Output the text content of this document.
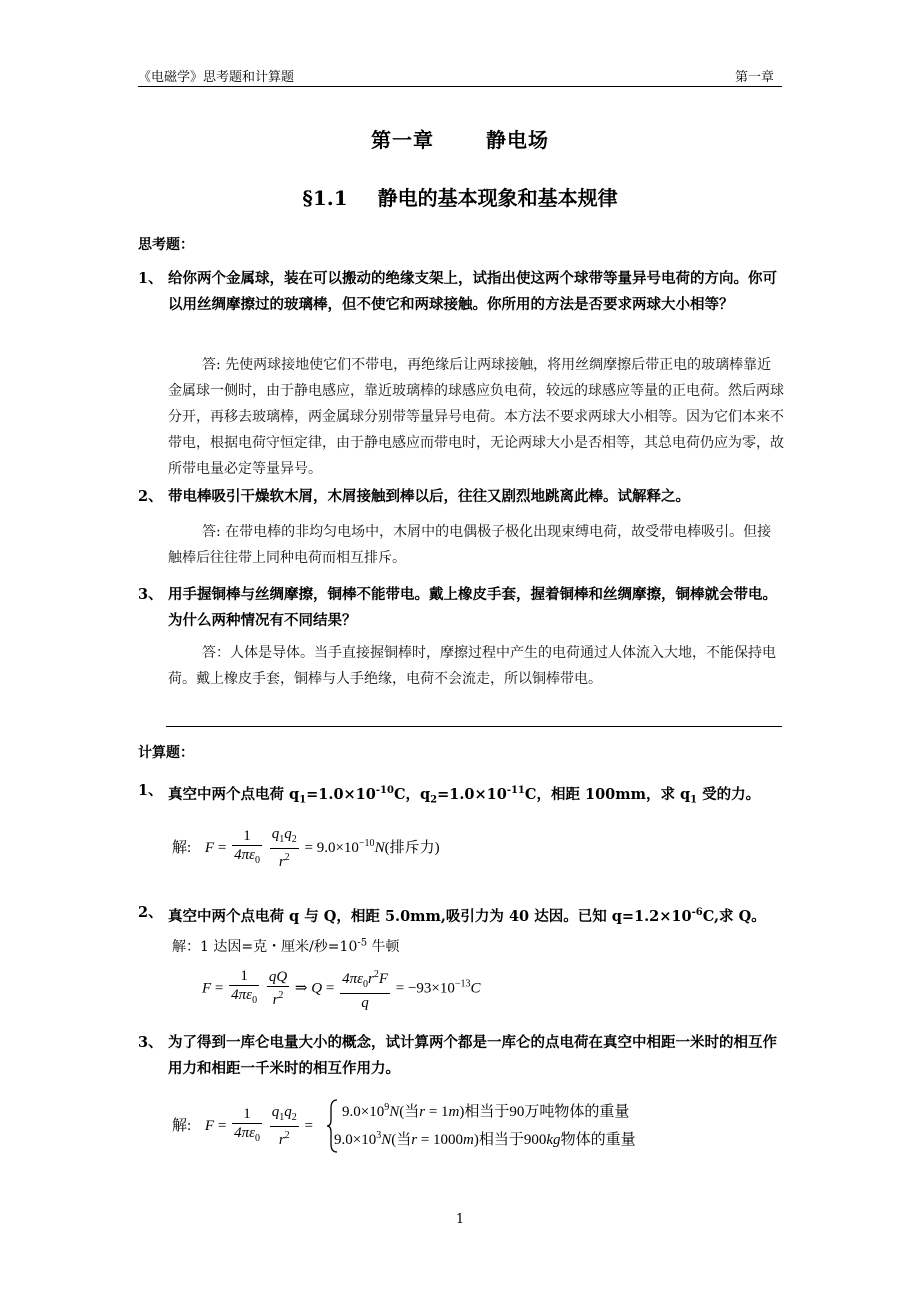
《电磁学》思考题和计算题	第一章
第一章	静电场
§1.1 静电的基本现象和基本规律
思考题：
1、 给你两个金属球，装在可以搬动的绝缘支架上，试指出使这两个球带等量异号电荷的方向。你可以用丝绸摩擦过的玻璃棒，但不使它和两球接触。你所用的方法是否要求两球大小相等？
答: 先使两球接地使它们不带电，再绝缘后让两球接触，将用丝绸摩擦后带正电的玻璃棒靠近金属球一侧时，由于静电感应，靠近玻璃棒的球感应负电荷，较远的球感应等量的正电荷。然后两球分开，再移去玻璃棒，两金属球分别带等量异号电荷。本方法不要求两球大小相等。因为它们本来不带电，根据电荷守恒定律，由于静电感应而带电时，无论两球大小是否相等，其总电荷仍应为零，故所带电量必定等量异号。
2、 带电棒吸引干燥软木屑，木屑接触到棒以后，往往又剧烈地跳离此棒。试解释之。
答: 在带电棒的非均匀电场中，木屑中的电偶极子极化出现束缚电荷，故受带电棒吸引。但接触棒后往往带上同种电荷而相互排斥。
3、 用手握铜棒与丝绸摩擦，铜棒不能带电。戴上橡皮手套，握着铜棒和丝绸摩擦，铜棒就会带电。为什么两种情况有不同结果？
答：人体是导体。当手直接握铜棒时，摩擦过程中产生的电荷通过人体流入大地，不能保持电荷。戴上橡皮手套，铜棒与人手绝缘，电荷不会流走，所以铜棒带电。
计算题：
1、 真空中两个点电荷 $q_1=1.0\times 10^{-10}C$，$q_2=1.0\times 10^{-11}C$，相距 100mm，求 $q_1$ 受的力。
解: $F = \frac{1}{4\pi\varepsilon_0}$
$\frac{q_1q_2}{r^2} = 9.0\times 10^{-10}N$(排斥力)
2、 真空中两个点电荷 q 与 Q，相距 5.0mm,吸引力为 40 达因。已知 $q=1.2\times 10^{-6}C$,求 Q。
解：1 达因=克・厘米/秒$=10^{-5}$ 牛顿
$F = \frac{1}{4\pi\varepsilon_0}$
$\frac{qQ}{r^2}$ ⇒ $Q = \frac{4\pi\varepsilon_0r^2F}{q} = -93\times 10^{-13}C$
3、 为了得到一库仑电量大小的概念，试计算两个都是一库仑的点电荷在真空中相距一米时的相互作用力和相距一千米时的相互作用力。
解: $F = \frac{1}{4\pi\varepsilon_0}$
$\frac{q_1q_2}{r^2}$ =
$9.0\times 10^9N$(当r = 1m)相当于90万吨物体的重量
$9.0\times 10^3N$(当r = 1000m)相当于900kg物体的重量
1
